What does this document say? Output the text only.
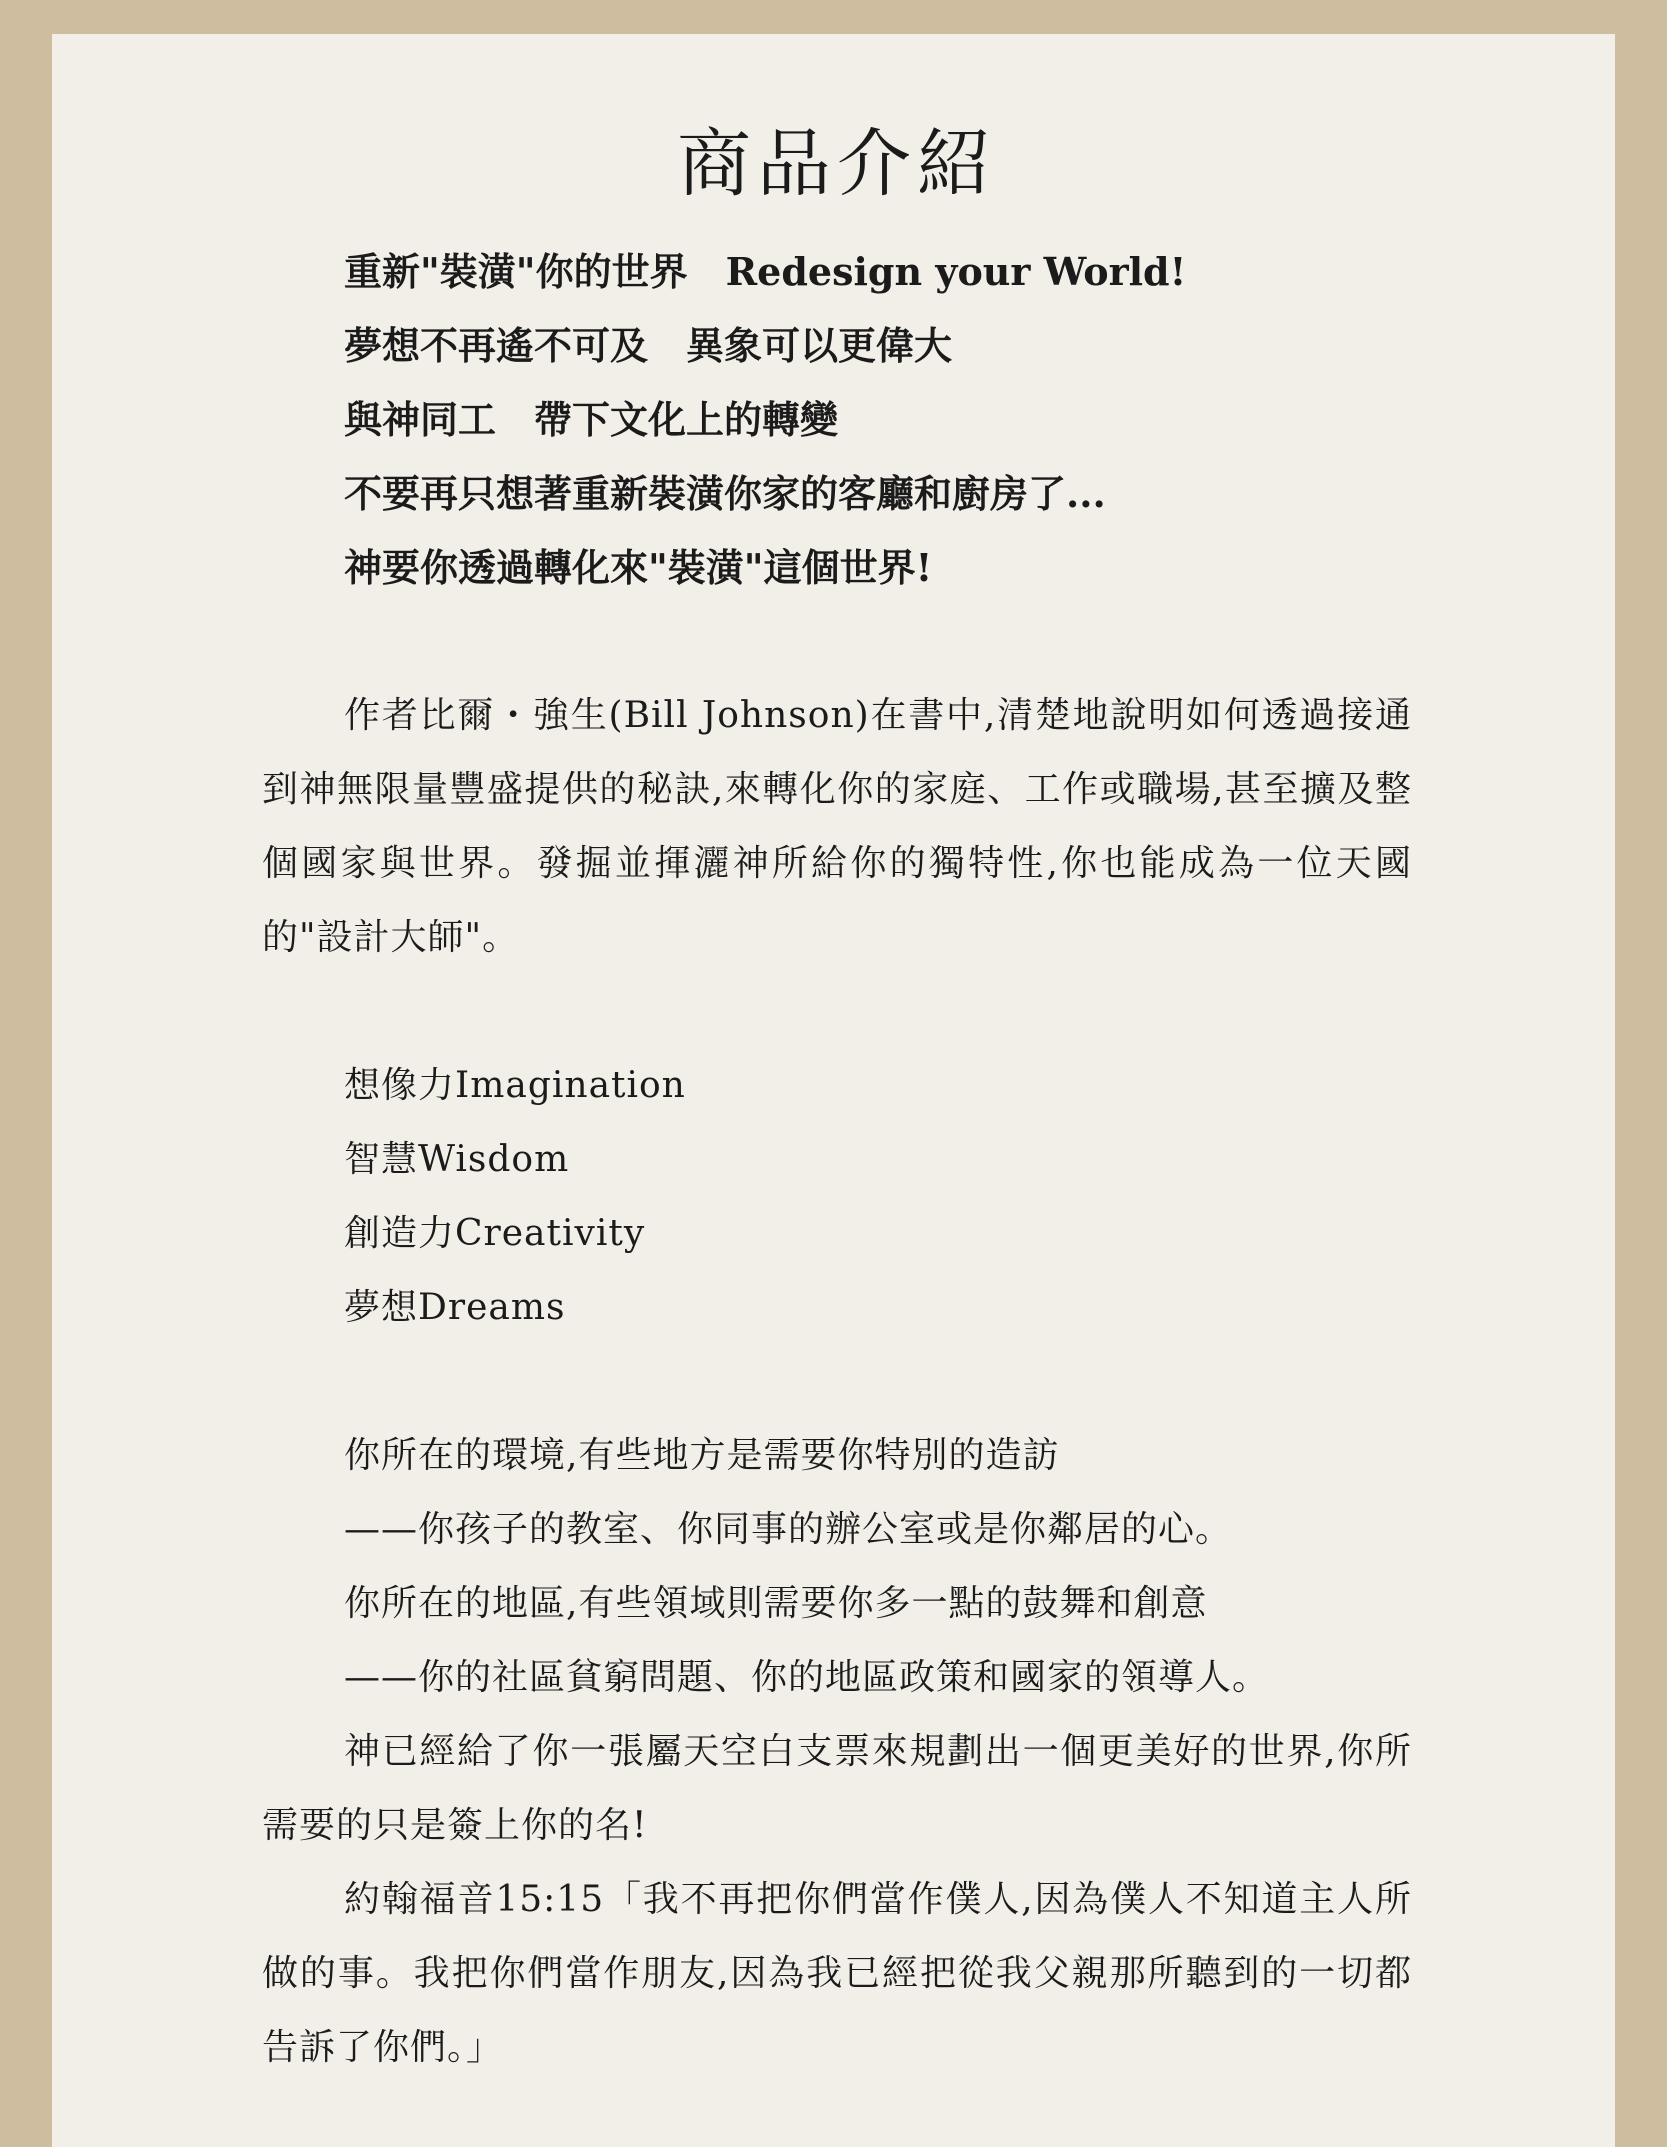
商品介紹

重新"裝潢"你的世界　Redesign your World!

夢想不再遙不可及　異象可以更偉大

與神同工　帶下文化上的轉變

不要再只想著重新裝潢你家的客廳和廚房了...

神要你透過轉化來"裝潢"這個世界!

作者比爾・強生(Bill Johnson)在書中,清楚地說明如何透過接通到神無限量豐盛提供的秘訣,來轉化你的家庭、工作或職場,甚至擴及整個國家與世界。發掘並揮灑神所給你的獨特性,你也能成為一位天國的"設計大師"。

想像力Imagination

智慧Wisdom

創造力Creativity

夢想Dreams

你所在的環境,有些地方是需要你特別的造訪

——你孩子的教室、你同事的辦公室或是你鄰居的心。

你所在的地區,有些領域則需要你多一點的鼓舞和創意

——你的社區貧窮問題、你的地區政策和國家的領導人。

神已經給了你一張屬天空白支票來規劃出一個更美好的世界,你所需要的只是簽上你的名!

約翰福音15:15「我不再把你們當作僕人,因為僕人不知道主人所做的事。我把你們當作朋友,因為我已經把從我父親那所聽到的一切都告訴了你們。」
